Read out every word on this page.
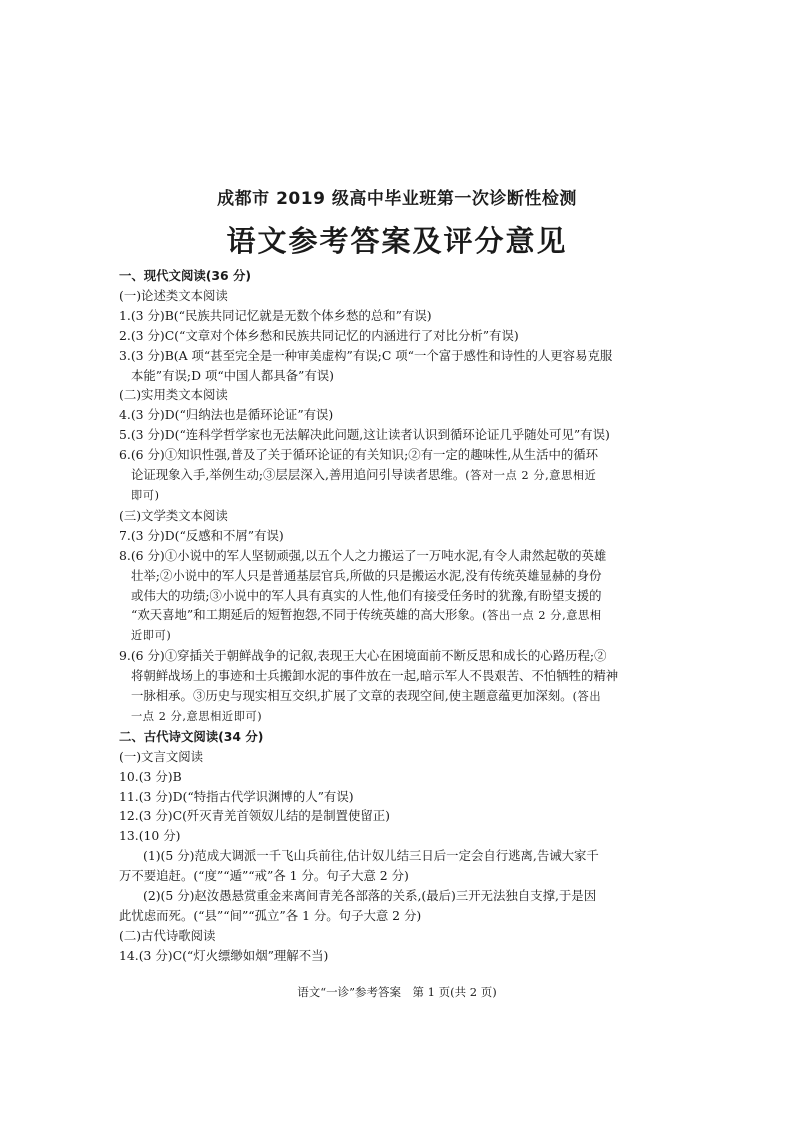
成都市 2019 级高中毕业班第一次诊断性检测
语文参考答案及评分意见
一、现代文阅读(36 分)
(一)论述类文本阅读
1.(3 分)B(“民族共同记忆就是无数个体乡愁的总和”有误)
2.(3 分)C(“文章对个体乡愁和民族共同记忆的内涵进行了对比分析”有误)
3.(3 分)B(A 项“甚至完全是一种审美虚构”有误;C 项“一个富于感性和诗性的人更容易克服
本能”有误;D 项“中国人都具备”有误)
(二)实用类文本阅读
4.(3 分)D(“归纳法也是循环论证”有误)
5.(3 分)D(“连科学哲学家也无法解决此问题,这让读者认识到循环论证几乎随处可见”有误)
6.(6 分)①知识性强,普及了关于循环论证的有关知识;②有一定的趣味性,从生活中的循环
论证现象入手,举例生动;③层层深入,善用追问引导读者思维。(答对一点 2 分,意思相近
即可)
(三)文学类文本阅读
7.(3 分)D(“反感和不屑”有误)
8.(6 分)①小说中的军人坚韧顽强,以五个人之力搬运了一万吨水泥,有令人肃然起敬的英雄
壮举;②小说中的军人只是普通基层官兵,所做的只是搬运水泥,没有传统英雄显赫的身份
或伟大的功绩;③小说中的军人具有真实的人性,他们有接受任务时的犹豫,有盼望支援的
“欢天喜地”和工期延后的短暂抱怨,不同于传统英雄的高大形象。(答出一点 2 分,意思相
近即可)
9.(6 分)①穿插关于朝鲜战争的记叙,表现王大心在困境面前不断反思和成长的心路历程;②
将朝鲜战场上的事迹和士兵搬卸水泥的事件放在一起,暗示军人不畏艰苦、不怕牺牲的精神
一脉相承。③历史与现实相互交织,扩展了文章的表现空间,使主题意蕴更加深刻。(答出
一点 2 分,意思相近即可)
二、古代诗文阅读(34 分)
(一)文言文阅读
10.(3 分)B
11.(3 分)D(“特指古代学识渊博的人”有误)
12.(3 分)C(歼灭青羌首领奴儿结的是制置使留正)
13.(10 分)
(1)(5 分)范成大调派一千飞山兵前往,估计奴儿结三日后一定会自行逃离,告诫大家千
万不要追赶。(“度”“遁”“戒”各 1 分。句子大意 2 分)
(2)(5 分)赵汝愚悬赏重金来离间青羌各部落的关系,(最后)三开无法独自支撑,于是因
此忧虑而死。(“县”“间”“孤立”各 1 分。句子大意 2 分)
(二)古代诗歌阅读
14.(3 分)C(“灯火缥缈如烟”理解不当)
语文“一诊”参考答案　第 1 页(共 2 页)
